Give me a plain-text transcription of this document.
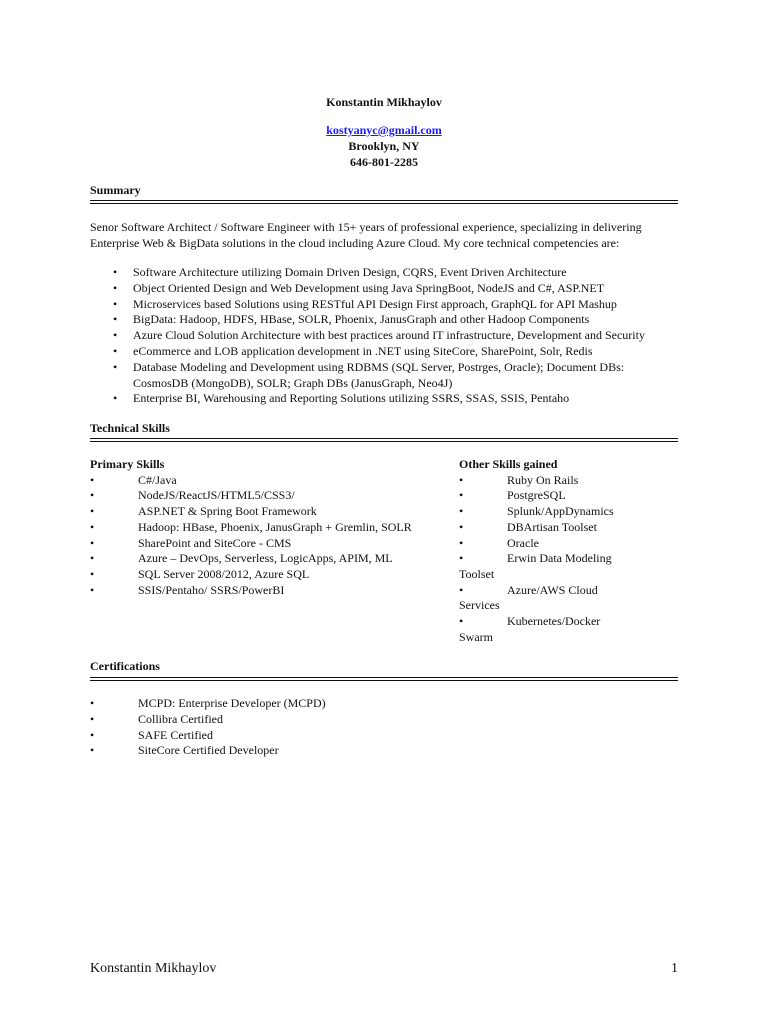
Konstantin Mikhaylov
kostyanyc@gmail.com
Brooklyn, NY
646-801-2285
Summary
Senor Software Architect / Software Engineer with 15+ years of professional experience, specializing in delivering Enterprise Web & BigData solutions in the cloud including Azure Cloud. My core technical competencies are:
• Software Architecture utilizing Domain Driven Design, CQRS, Event Driven Architecture
• Object Oriented Design and Web Development using Java SpringBoot, NodeJS and C#, ASP.NET
• Microservices based Solutions using RESTful API Design First approach, GraphQL for API Mashup
• BigData: Hadoop, HDFS, HBase, SOLR, Phoenix, JanusGraph and other Hadoop Components
• Azure Cloud Solution Architecture with best practices around IT infrastructure, Development and Security
• eCommerce and LOB application development in .NET using SiteCore, SharePoint, Solr, Redis
• Database Modeling and Development using RDBMS (SQL Server, Postrges, Oracle); Document DBs: CosmosDB (MongoDB), SOLR; Graph DBs (JanusGraph, Neo4J)
• Enterprise BI, Warehousing and Reporting Solutions utilizing SSRS, SSAS, SSIS, Pentaho
Technical Skills
Primary Skills
•	C#/Java
•	NodeJS/ReactJS/HTML5/CSS3/
•	ASP.NET & Spring Boot Framework
•	Hadoop: HBase, Phoenix, JanusGraph + Gremlin, SOLR
•	SharePoint and SiteCore - CMS
•	Azure – DevOps, Serverless, LogicApps, APIM, ML
•	SQL Server 2008/2012, Azure SQL
•	SSIS/Pentaho/ SSRS/PowerBI
Other Skills gained
•	Ruby On Rails
•	PostgreSQL
•	Splunk/AppDynamics
•	DBArtisan Toolset
•	Oracle
•	Erwin Data Modeling
Toolset
•	Azure/AWS Cloud
Services
•	Kubernetes/Docker
Swarm
Certifications
•	MCPD: Enterprise Developer (MCPD)
•	Collibra Certified
•	SAFE Certified
•	SiteCore Certified Developer
Konstantin Mikhaylov	1
